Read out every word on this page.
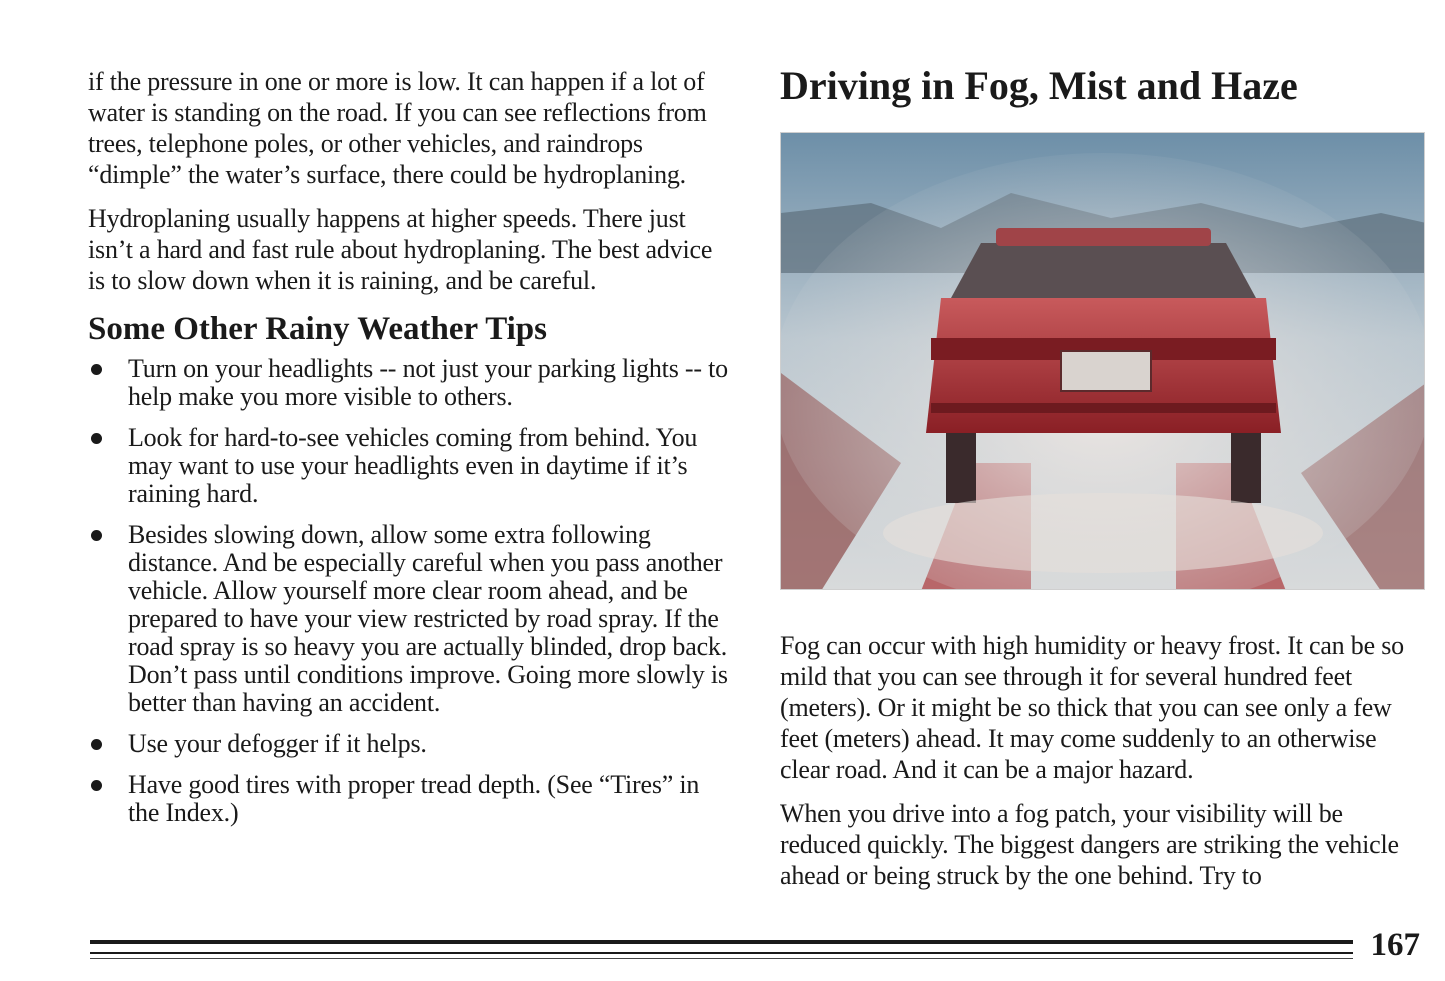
if the pressure in one or more is low. It can happen if a lot of water is standing on the road. If you can see reflections from trees, telephone poles, or other vehicles, and raindrops “dimple” the water’s surface, there could be hydroplaning.

Hydroplaning usually happens at higher speeds. There just isn’t a hard and fast rule about hydroplaning. The best advice is to slow down when it is raining, and be careful.

Some Other Rainy Weather Tips
Turn on your headlights -- not just your parking lights -- to help make you more visible to others.
Look for hard-to-see vehicles coming from behind. You may want to use your headlights even in daytime if it’s raining hard.
Besides slowing down, allow some extra following distance. And be especially careful when you pass another vehicle. Allow yourself more clear room ahead, and be prepared to have your view restricted by road spray. If the road spray is so heavy you are actually blinded, drop back. Don’t pass until conditions improve. Going more slowly is better than having an accident.
Use your defogger if it helps.
Have good tires with proper tread depth. (See “Tires” in the Index.)
Driving in Fog, Mist and Haze

Fog can occur with high humidity or heavy frost. It can be so mild that you can see through it for several hundred feet (meters). Or it might be so thick that you can see only a few feet (meters) ahead. It may come suddenly to an otherwise clear road. And it can be a major hazard.

When you drive into a fog patch, your visibility will be reduced quickly. The biggest dangers are striking the vehicle ahead or being struck by the one behind. Try to

167
